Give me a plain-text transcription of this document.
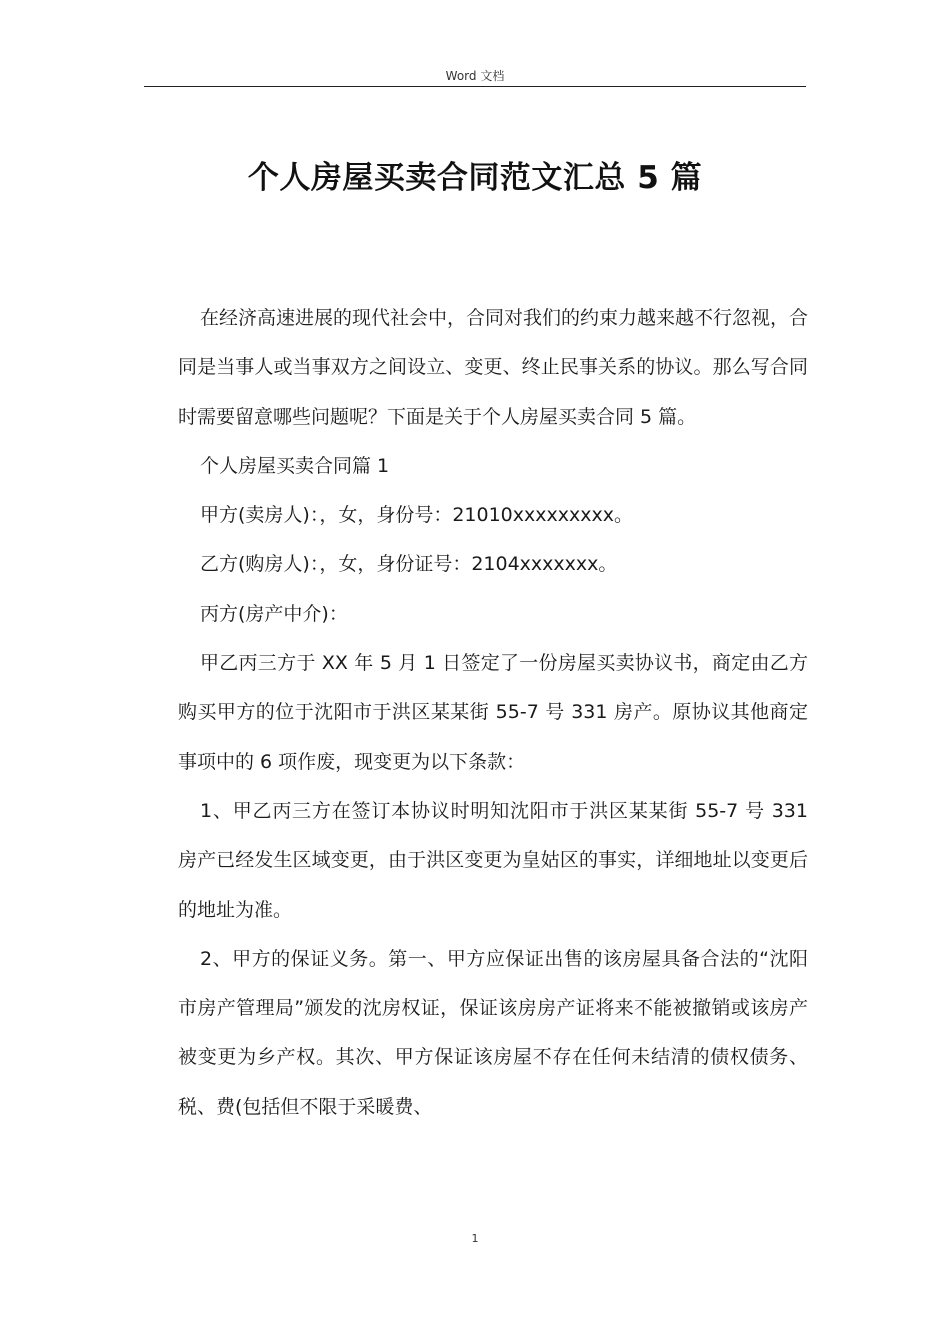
Word 文档
个人房屋买卖合同范文汇总 5 篇

在经济高速进展的现代社会中，合同对我们的约束力越来越不行忽视，合同是当事人或当事双方之间设立、变更、终止民事关系的协议。那么写合同时需要留意哪些问题呢？下面是关于个人房屋买卖合同 5 篇。

个人房屋买卖合同篇 1

甲方(卖房人)：，女，身份号：21010xxxxxxxxx。

乙方(购房人)：，女，身份证号：2104xxxxxxx。

丙方(房产中介)：

甲乙丙三方于 XX 年 5 月 1 日签定了一份房屋买卖协议书，商定由乙方购买甲方的位于沈阳市于洪区某某街 55-7 号 331 房产。原协议其他商定事项中的 6 项作废，现变更为以下条款：

1、甲乙丙三方在签订本协议时明知沈阳市于洪区某某街 55-7 号 331 房产已经发生区域变更，由于洪区变更为皇姑区的事实，详细地址以变更后的地址为准。

2、甲方的保证义务。第一、甲方应保证出售的该房屋具备合法的“沈阳市房产管理局”颁发的沈房权证，保证该房房产证将来不能被撤销或该房产被变更为乡产权。其次、甲方保证该房屋不存在任何未结清的债权债务、税、费(包括但不限于采暖费、

1
